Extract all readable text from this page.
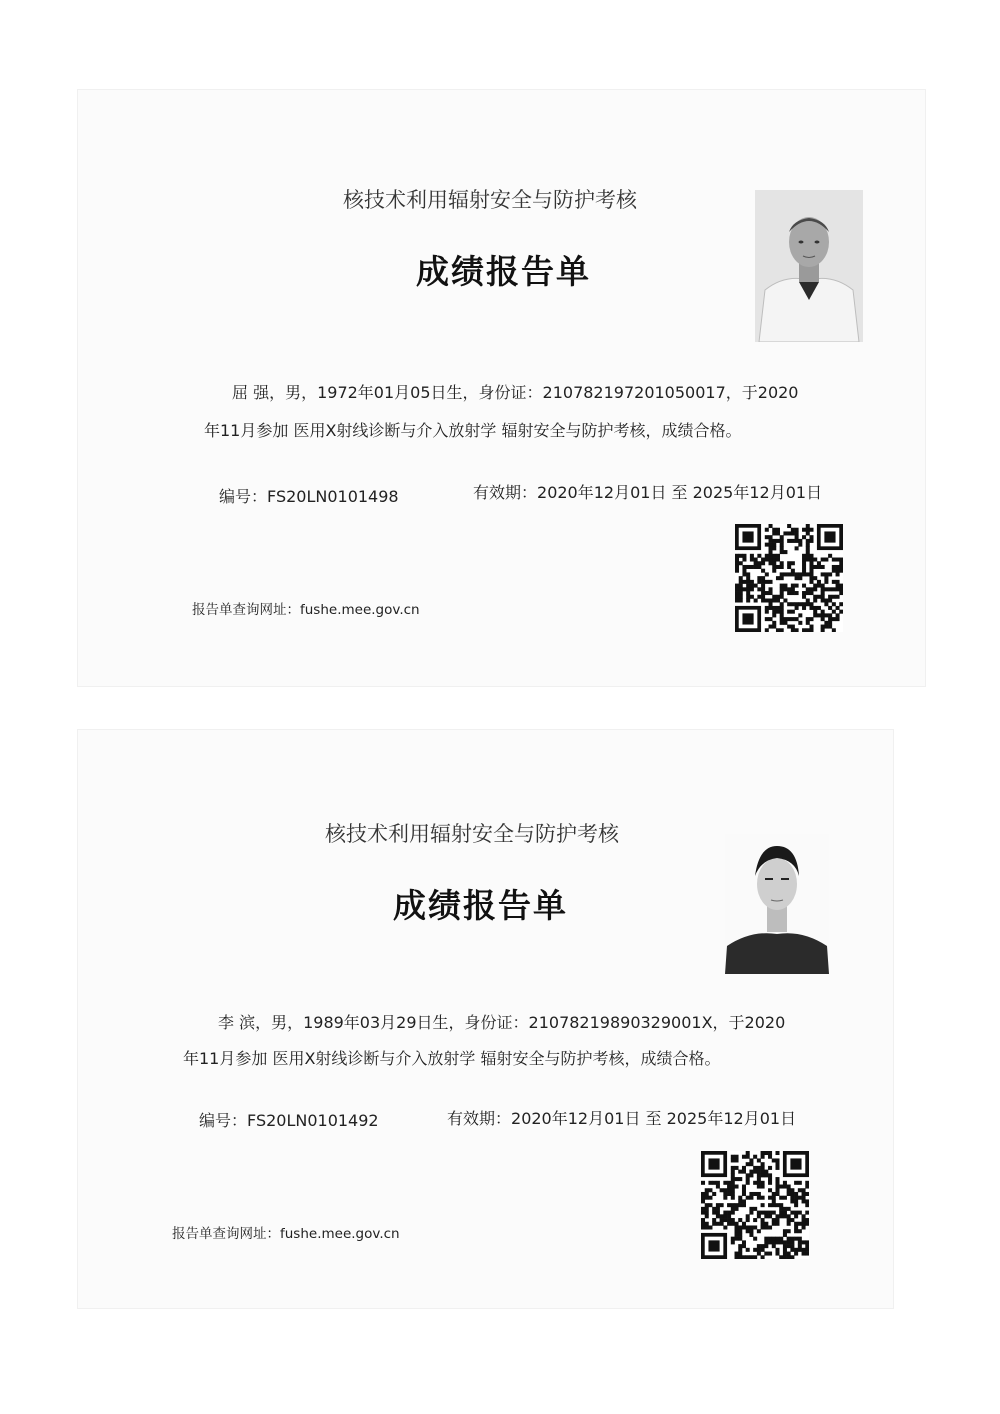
核技术利用辐射安全与防护考核
成绩报告单
屈 强，男，1972年01月05日生，身份证：210782197201050017，于2020
年11月参加 医用X射线诊断与介入放射学 辐射安全与防护考核，成绩合格。
编号：FS20LN0101498	有效期：2020年12月01日 至 2025年12月01日
报告单查询网址：fushe.mee.gov.cn
核技术利用辐射安全与防护考核
成绩报告单
李 滨，男，1989年03月29日生，身份证：21078219890329001X，于2020
年11月参加 医用X射线诊断与介入放射学 辐射安全与防护考核，成绩合格。
编号：FS20LN0101492	有效期：2020年12月01日 至 2025年12月01日
报告单查询网址：fushe.mee.gov.cn
